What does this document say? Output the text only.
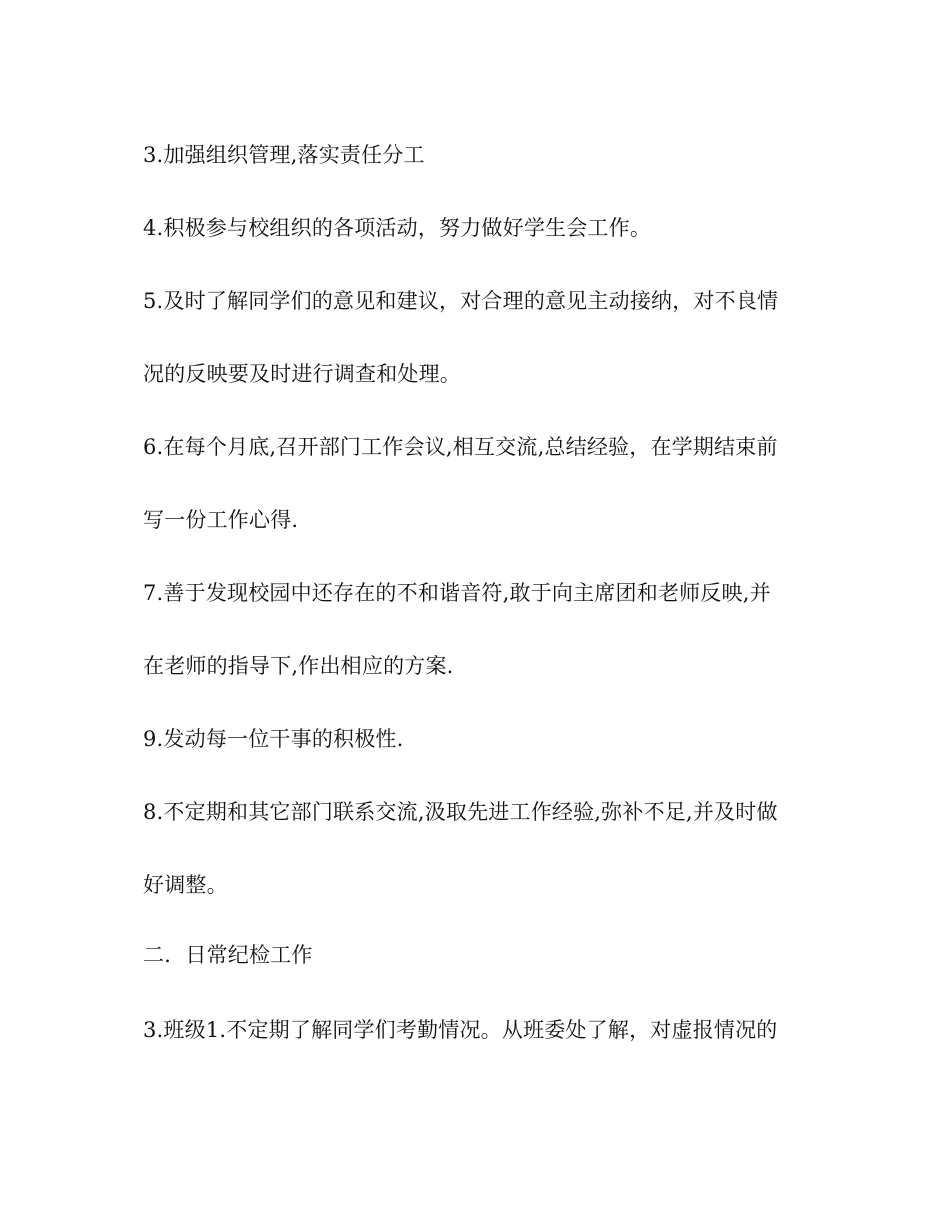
3.加强组织管理,落实责任分工
4.积极参与校组织的各项活动，努力做好学生会工作。
5.及时了解同学们的意见和建议，对合理的意见主动接纳，对不良情
况的反映要及时进行调查和处理。
6.在每个月底,召开部门工作会议,相互交流,总结经验，在学期结束前
写一份工作心得.
7.善于发现校园中还存在的不和谐音符,敢于向主席团和老师反映,并
在老师的指导下,作出相应的方案.
9.发动每一位干事的积极性.
8.不定期和其它部门联系交流,汲取先进工作经验,弥补不足,并及时做
好调整。
二．日常纪检工作
3.班级1.不定期了解同学们考勤情况。从班委处了解，对虚报情况的
